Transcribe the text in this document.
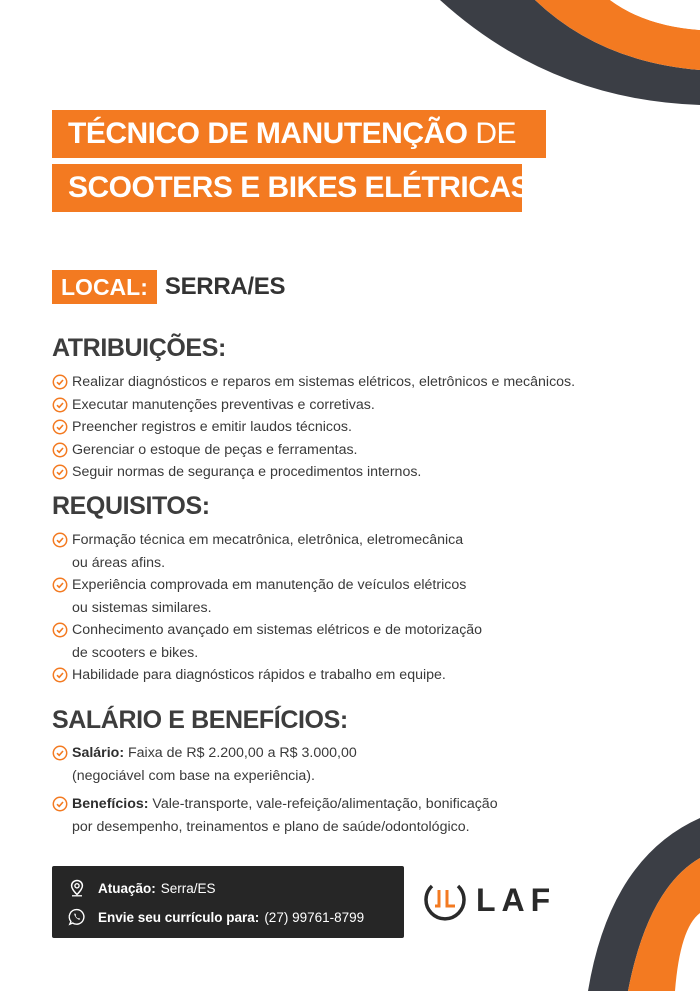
TÉCNICO DE MANUTENÇÃO DE
SCOOTERS E BIKES ELÉTRICAS
LOCAL: SERRA/ES
ATRIBUIÇÕES:
Realizar diagnósticos e reparos em sistemas elétricos, eletrônicos e mecânicos.
Executar manutenções preventivas e corretivas.
Preencher registros e emitir laudos técnicos.
Gerenciar o estoque de peças e ferramentas.
Seguir normas de segurança e procedimentos internos.
REQUISITOS:
Formação técnica em mecatrônica, eletrônica, eletromecânica
ou áreas afins.
Experiência comprovada em manutenção de veículos elétricos
ou sistemas similares.
Conhecimento avançado em sistemas elétricos e de motorização
de scooters e bikes.
Habilidade para diagnósticos rápidos e trabalho em equipe.
SALÁRIO E BENEFÍCIOS:
Salário: Faixa de R$ 2.200,00 a R$ 3.000,00
(negociável com base na experiência).
Benefícios: Vale-transporte, vale-refeição/alimentação, bonificação
por desempenho, treinamentos e plano de saúde/odontológico.
Atuação: Serra/ES
Envie seu currículo para: (27) 99761-8799	LAF
